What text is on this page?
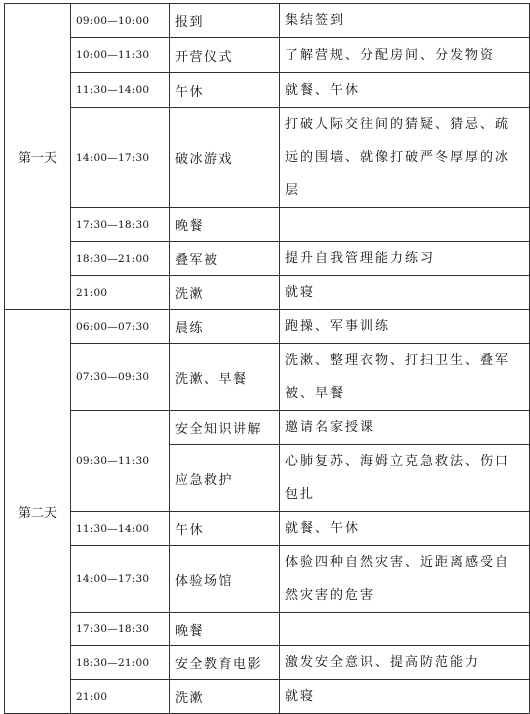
第一天	09:00—10:00	报到	集结签到
	10:00—11:30	开营仪式	了解营规、分配房间、分发物资
	11:30—14:00	午休	就餐、午休
	14:00—17:30	破冰游戏	打破人际交往间的猜疑、猜忌、疏远的围墙、就像打破严冬厚厚的冰层
	17:30—18:30	晚餐	
	18:30—21:00	叠军被	提升自我管理能力练习
	21:00	洗漱	就寝
第二天	06:00—07:30	晨练	跑操、军事训练
	07:30—09:30	洗漱、早餐	洗漱、整理衣物、打扫卫生、叠军被、早餐
	09:30—11:30	安全知识讲解	邀请名家授课
		应急救护	心肺复苏、海姆立克急救法、伤口包扎
	11:30—14:00	午休	就餐、午休
	14:00—17:30	体验场馆	体验四种自然灾害、近距离感受自然灾害的危害
	17:30—18:30	晚餐	
	18:30—21:00	安全教育电影	激发安全意识、提高防范能力
	21:00	洗漱	就寝
